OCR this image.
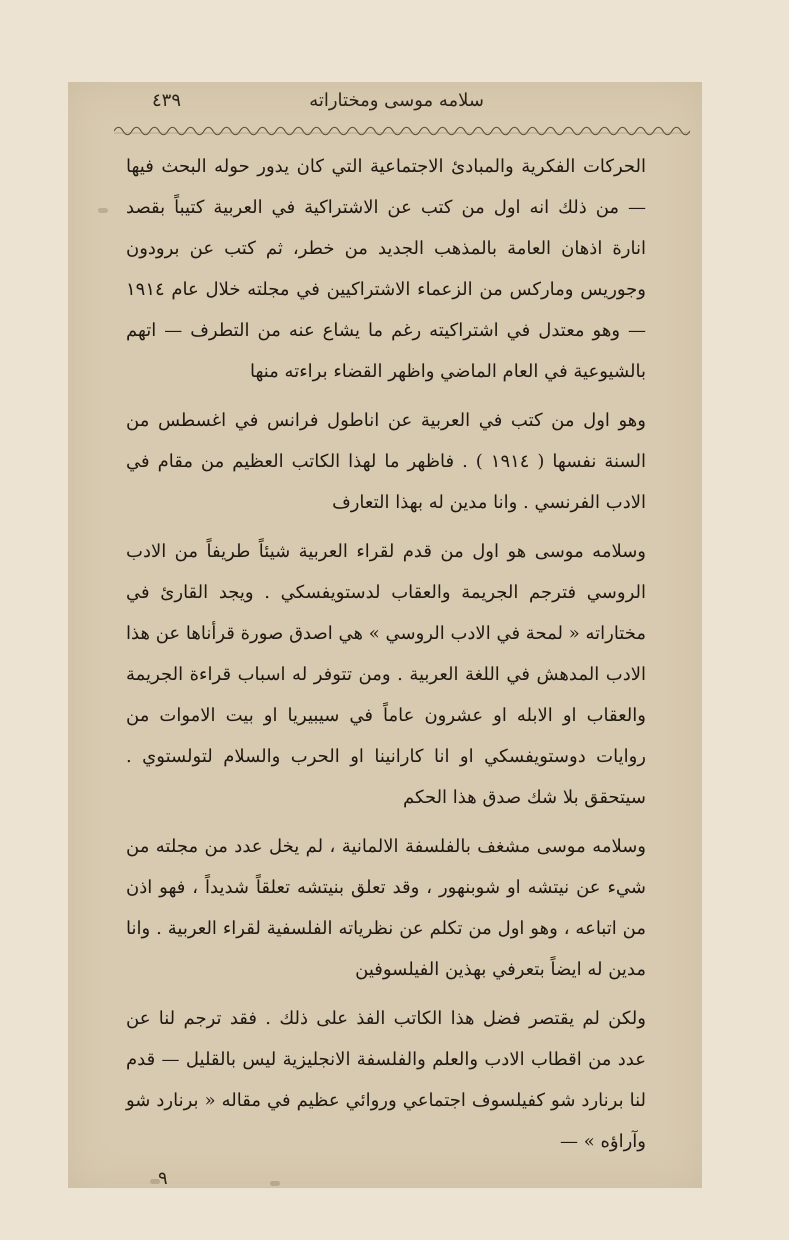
سلامه موسى ومختاراته
٤٣٩

الحركات الفكرية والمبادئ الاجتماعية التي كان يدور حوله البحث فيها — من ذلك انه اول من كتب عن الاشتراكية في العربية كتيباً بقصد انارة اذهان العامة بالمذهب الجديد من خطر، ثم كتب عن برودون وجوريس وماركس من الزعماء الاشتراكيين في مجلته خلال عام ١٩١٤ — وهو معتدل في اشتراكيته رغم ما يشاع عنه من التطرف — اتهم بالشيوعية في العام الماضي واظهر القضاء براءته منها

وهو اول من كتب في العربية عن اناطول فرانس في اغسطس من السنة نفسها ( ١٩١٤ ) . فاظهر ما لهذا الكاتب العظيم من مقام في الادب الفرنسي . وانا مدين له بهذا التعارف

وسلامه موسى هو اول من قدم لقراء العربية شيئاً طريفاً من الادب الروسي فترجم الجريمة والعقاب لدستويفسكي . ويجد القارئ في مختاراته « لمحة في الادب الروسي » هي اصدق صورة قرأناها عن هذا الادب المدهش في اللغة العربية . ومن تتوفر له اسباب قراءة الجريمة والعقاب او الابله او عشرون عاماً في سيبيريا او بيت الاموات من روايات دوستويفسكي او انا كارانينا او الحرب والسلام لتولستوي . سيتحقق بلا شك صدق هذا الحكم

وسلامه موسى مشغف بالفلسفة الالمانية ، لم يخل عدد من مجلته من شيء عن نيتشه او شوبنهور ، وقد تعلق بنيتشه تعلقاً شديداً ، فهو اذن من اتباعه ، وهو اول من تكلم عن نظرياته الفلسفية لقراء العربية . وانا مدين له ايضاً بتعرفي بهذين الفيلسوفين

ولكن لم يقتصر فضل هذا الكاتب الفذ على ذلك . فقد ترجم لنا عن عدد من اقطاب الادب والعلم والفلسفة الانجليزية ليس بالقليل — قدم لنا برنارد شو كفيلسوف اجتماعي وروائي عظيم في مقاله « برنارد شو وآراؤه » —

٩
